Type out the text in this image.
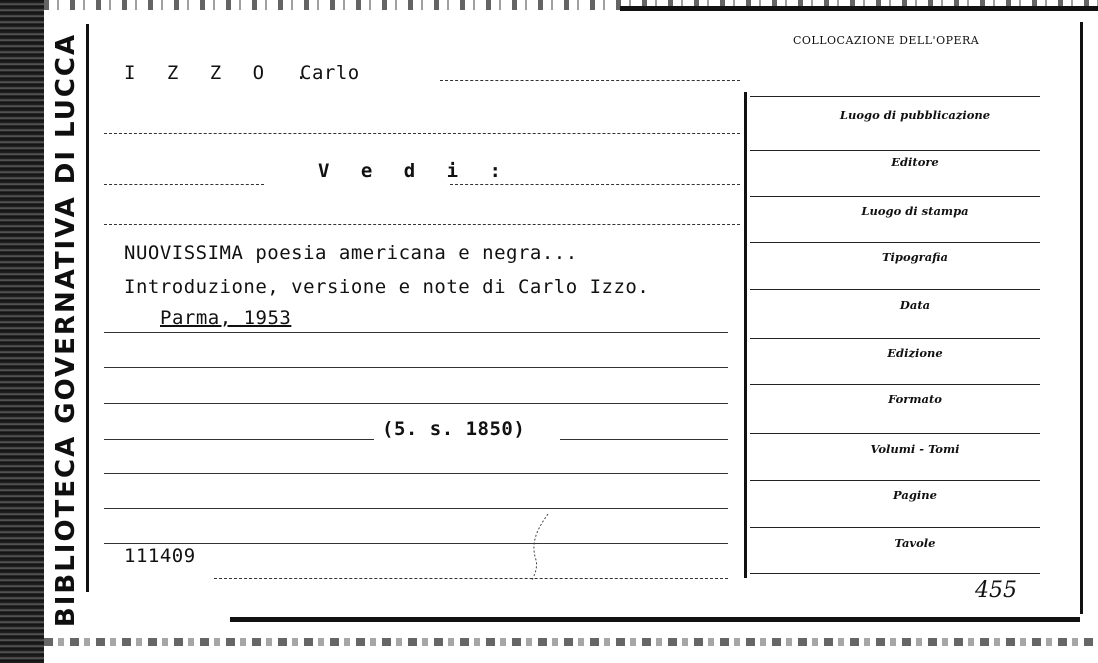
BIBLIOTECA GOVERNATIVA DI LUCCA I Z Z O .
Carlo
V e d i :
NUOVISSIMA poesia americana e negra...
Introduzione, versione e note di Carlo Izzo.
Parma, 1953
(5. s. 1850)
111409
COLLOCAZIONE DELL'OPERA
Luogo di pubblicazione
Editore
Luogo di stampa
Tipografia
Data
Edizione
Formato
Volumi - Tomi
Pagine
Tavole
455
